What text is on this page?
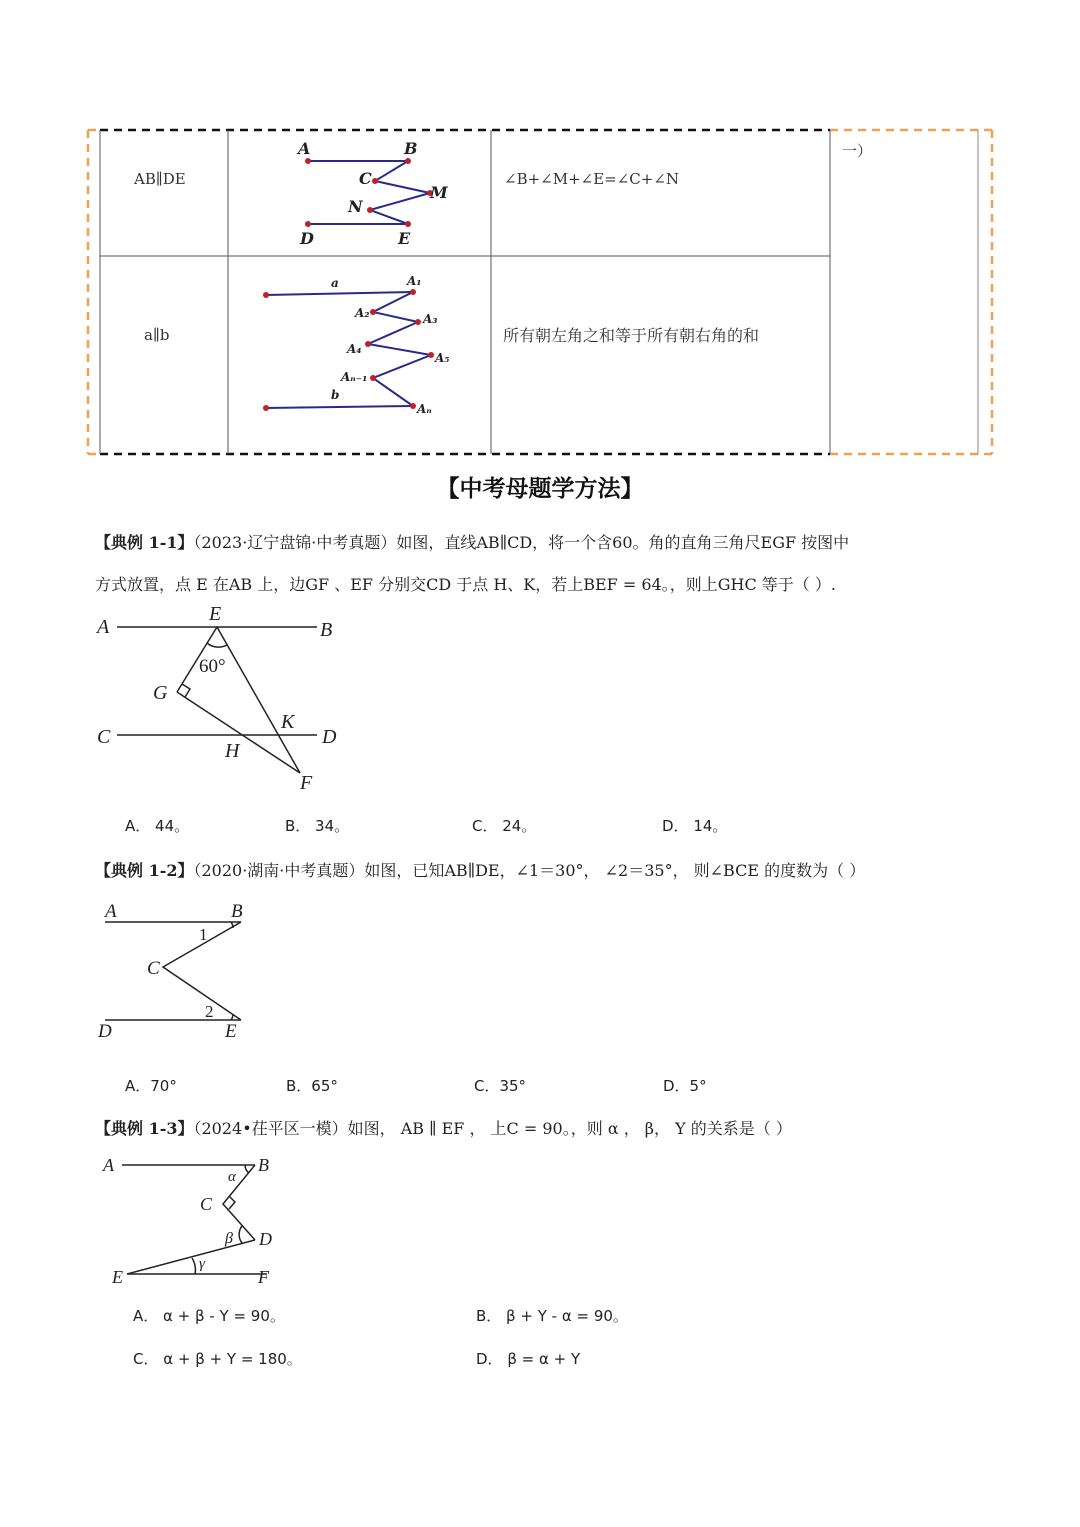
AB∥DE	∠B+∠M+∠E=∠C+∠N
一）
a∥b	所有朝左角之和等于所有朝右角的和
A	B
C
M
N
D	E
a	A₁
A₂	A₃
A₄
A₅
Aₙ₋₁
b
Aₙ
【中考母题学方法】
【典例 1-1】（2023·辽宁盘锦·中考真题）如图，直线AB∥CD，将一个含60。角的直角三角尺EGF 按图中
方式放置，点 E 在AB 上，边GF 、EF 分别交CD 于点 H、K，若上BEF = 64。，则上GHC 等于（ ）.
A
E
B
G
K
C	D
H
F
60°
A． 44。	B． 34。	C． 24。	D． 14。
【典例 1-2】（2020·湖南·中考真题）如图，已知AB∥DE，∠1＝30°， ∠2＝35°， 则∠BCE 的度数为（ ）
A	B
C
D	E
1
2
A．70°	B．65°	C．35°	D．5°
【典例 1-3】（2024•茌平区一模）如图， AB ∥ EF ， 上C = 90。，则 α ， β， Y 的关系是（ ）
A	B
C
D
E	F
α
β
γ
A． α + β - Y = 90。	B． β + Y - α = 90。
C． α + β + Y = 180。	D． β = α + Y
